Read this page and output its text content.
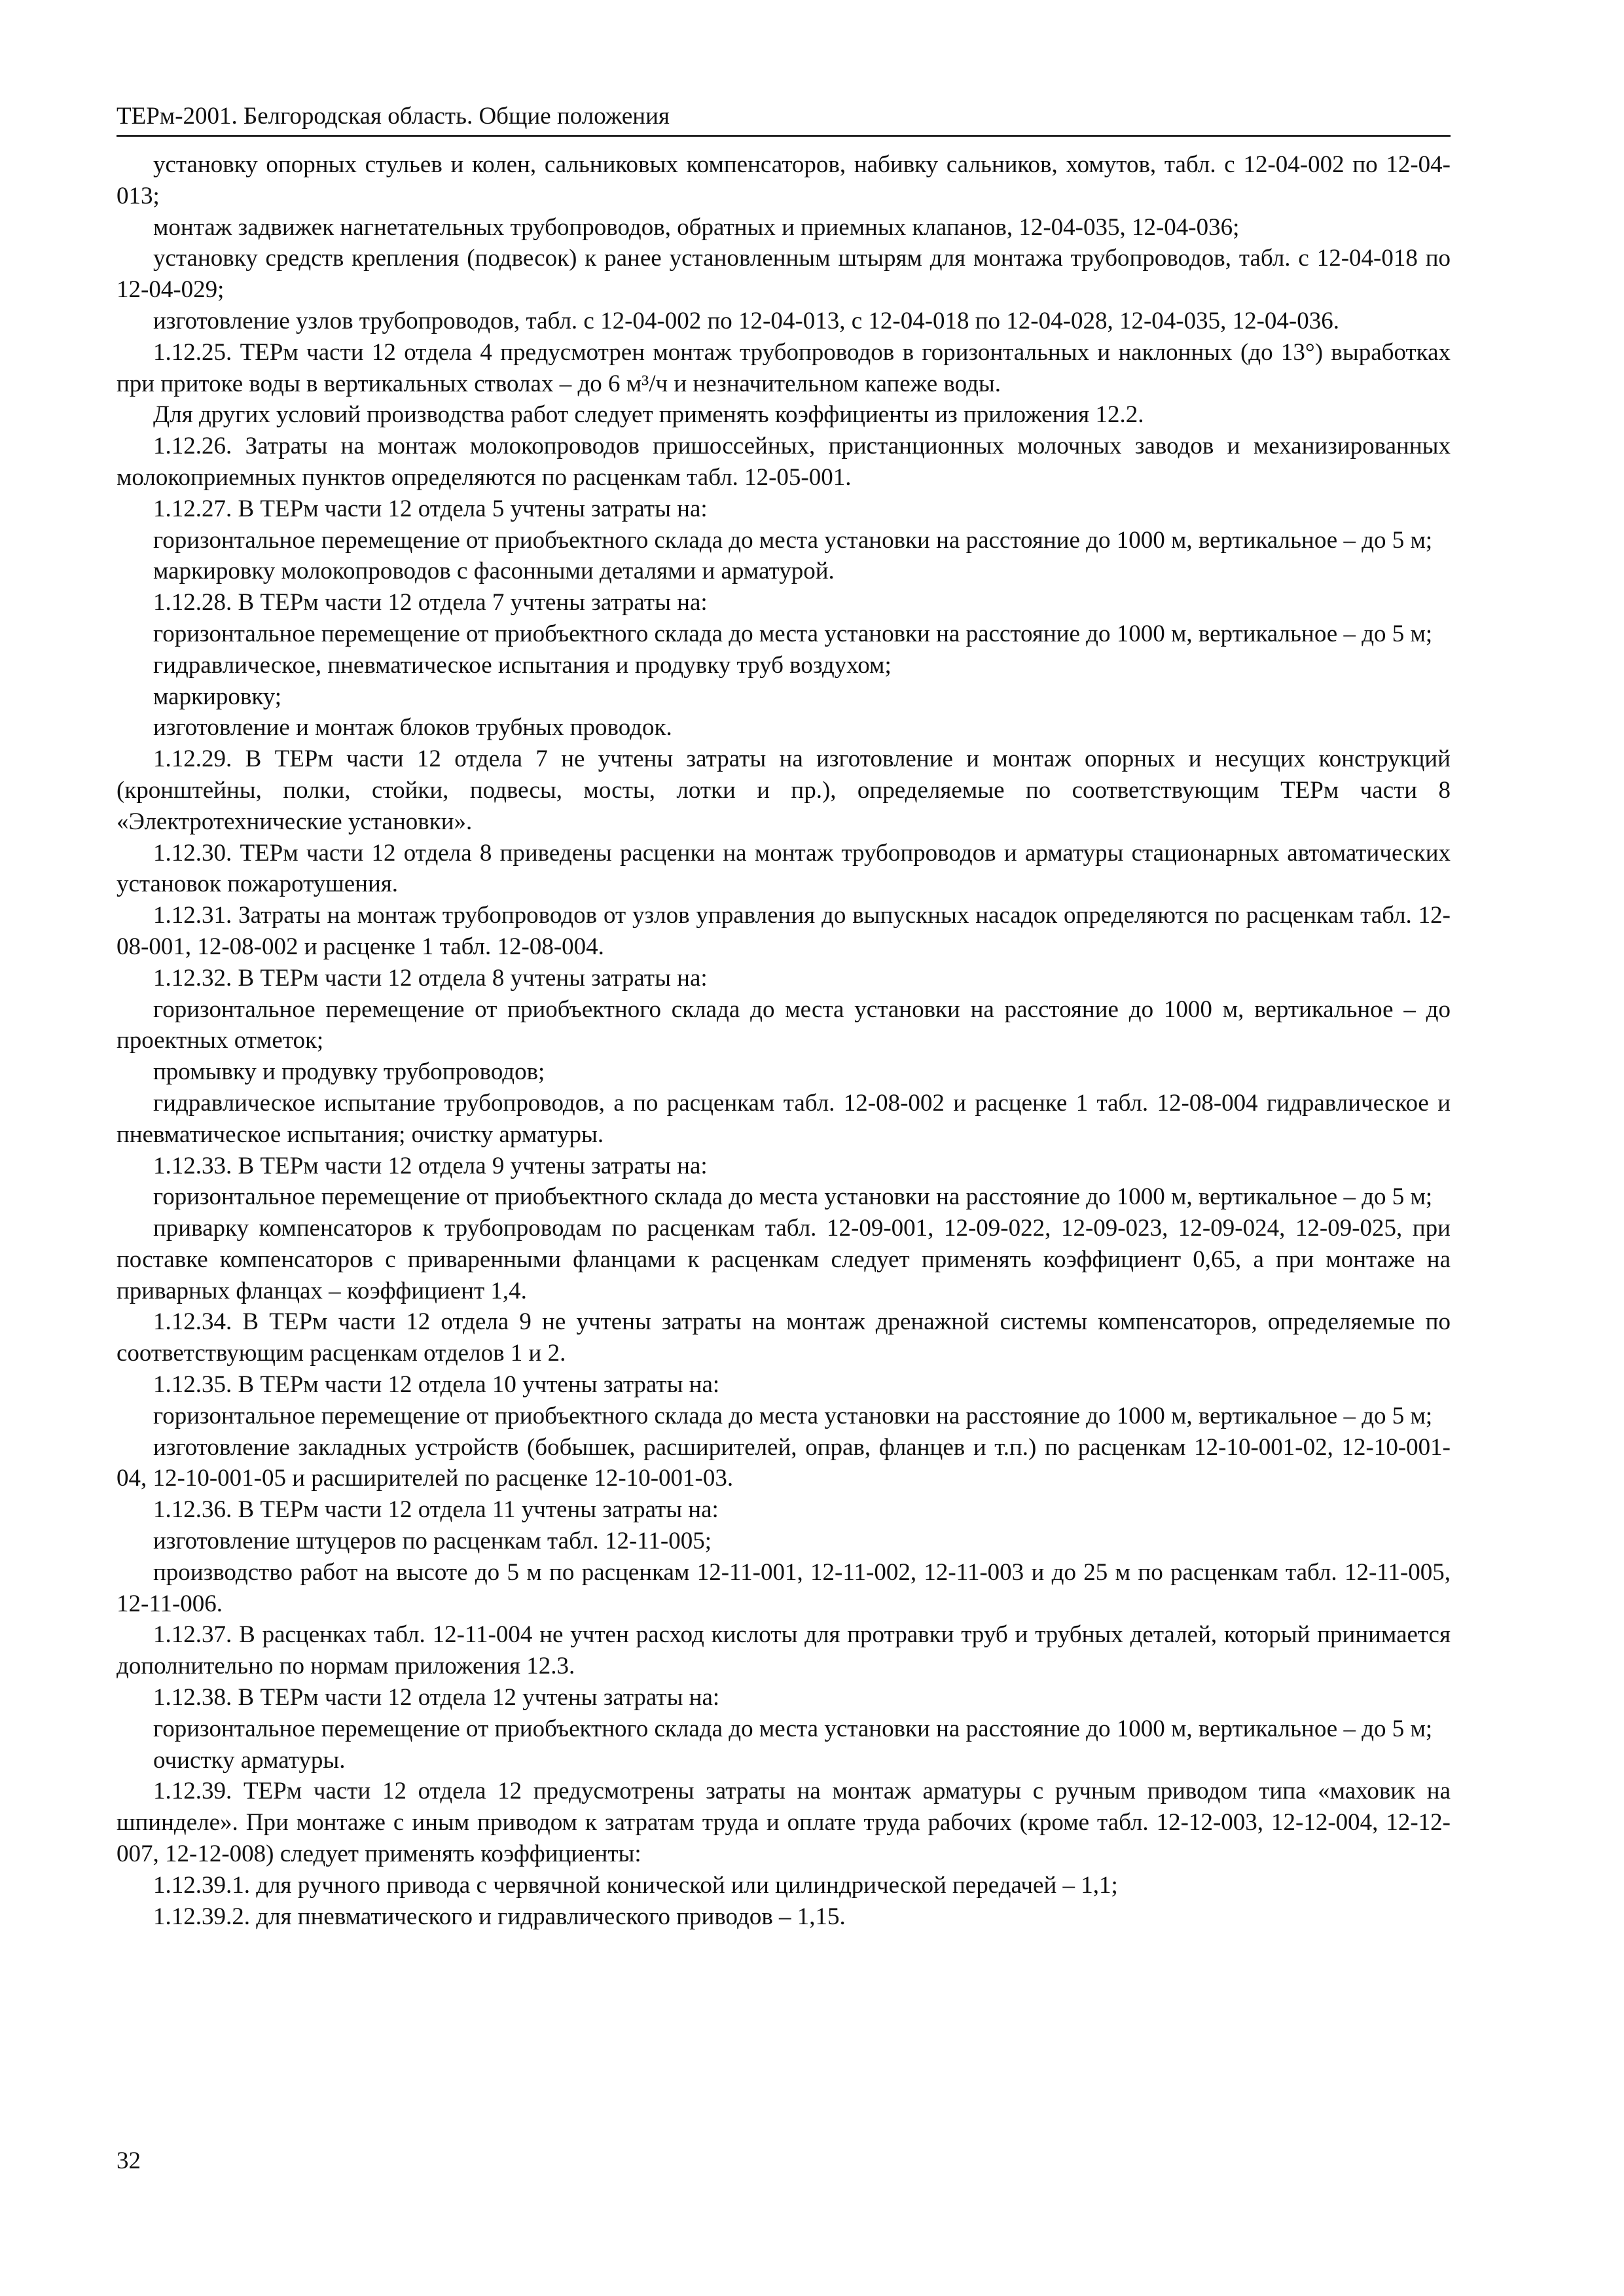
ТЕРм-2001. Белгородская область. Общие положения

установку опорных стульев и колен, сальниковых компенсаторов, набивку сальников, хомутов, табл. с 12-04-002 по 12-04-013;

монтаж задвижек нагнетательных трубопроводов, обратных и приемных клапанов, 12-04-035, 12-04-036;

установку средств крепления (подвесок) к ранее установленным штырям для монтажа трубопроводов, табл. с 12-04-018 по 12-04-029;

изготовление узлов трубопроводов, табл. с 12-04-002 по 12-04-013, с 12-04-018 по 12-04-028, 12-04-035, 12-04-036.

1.12.25. ТЕРм части 12 отдела 4 предусмотрен монтаж трубопроводов в горизонтальных и наклонных (до 13°) выработках при притоке воды в вертикальных стволах – до 6 м³/ч и незначительном капеже воды.

Для других условий производства работ следует применять коэффициенты из приложения 12.2.

1.12.26. Затраты на монтаж молокопроводов пришоссейных, пристанционных молочных заводов и механизированных молокоприемных пунктов определяются по расценкам табл. 12-05-001.

1.12.27. В ТЕРм части 12 отдела 5 учтены затраты на:

горизонтальное перемещение от приобъектного склада до места установки на расстояние до 1000 м, вертикальное – до 5 м;

маркировку молокопроводов с фасонными деталями и арматурой.

1.12.28. В ТЕРм части 12 отдела 7 учтены затраты на:

горизонтальное перемещение от приобъектного склада до места установки на расстояние до 1000 м, вертикальное – до 5 м;

гидравлическое, пневматическое испытания и продувку труб воздухом;

маркировку;

изготовление и монтаж блоков трубных проводок.

1.12.29. В ТЕРм части 12 отдела 7 не учтены затраты на изготовление и монтаж опорных и несущих конструкций (кронштейны, полки, стойки, подвесы, мосты, лотки и пр.), определяемые по соответствующим ТЕРм части 8 «Электротехнические установки».

1.12.30. ТЕРм части 12 отдела 8 приведены расценки на монтаж трубопроводов и арматуры стационарных автоматических установок пожаротушения.

1.12.31. Затраты на монтаж трубопроводов от узлов управления до выпускных насадок определяются по расценкам табл. 12-08-001, 12-08-002 и расценке 1 табл. 12-08-004.

1.12.32. В ТЕРм части 12 отдела 8 учтены затраты на:

горизонтальное перемещение от приобъектного склада до места установки на расстояние до 1000 м, вертикальное – до проектных отметок;

промывку и продувку трубопроводов;

гидравлическое испытание трубопроводов, а по расценкам табл. 12-08-002 и расценке 1 табл. 12-08-004 гидравлическое и пневматическое испытания; очистку арматуры.

1.12.33. В ТЕРм части 12 отдела 9 учтены затраты на:

горизонтальное перемещение от приобъектного склада до места установки на расстояние до 1000 м, вертикальное – до 5 м;

приварку компенсаторов к трубопроводам по расценкам табл. 12-09-001, 12-09-022, 12-09-023, 12-09-024, 12-09-025, при поставке компенсаторов с приваренными фланцами к расценкам следует применять коэффициент 0,65, а при монтаже на приварных фланцах – коэффициент 1,4.

1.12.34. В ТЕРм части 12 отдела 9 не учтены затраты на монтаж дренажной системы компенсаторов, определяемые по соответствующим расценкам отделов 1 и 2.

1.12.35. В ТЕРм части 12 отдела 10 учтены затраты на:

горизонтальное перемещение от приобъектного склада до места установки на расстояние до 1000 м, вертикальное – до 5 м;

изготовление закладных устройств (бобышек, расширителей, оправ, фланцев и т.п.) по расценкам 12-10-001-02, 12-10-001-04, 12-10-001-05 и расширителей по расценке 12-10-001-03.

1.12.36. В ТЕРм части 12 отдела 11 учтены затраты на:

изготовление штуцеров по расценкам табл. 12-11-005;

производство работ на высоте до 5 м по расценкам 12-11-001, 12-11-002, 12-11-003 и до 25 м по расценкам табл. 12-11-005, 12-11-006.

1.12.37. В расценках табл. 12-11-004 не учтен расход кислоты для протравки труб и трубных деталей, который принимается дополнительно по нормам приложения 12.3.

1.12.38. В ТЕРм части 12 отдела 12 учтены затраты на:

горизонтальное перемещение от приобъектного склада до места установки на расстояние до 1000 м, вертикальное – до 5 м;

очистку арматуры.

1.12.39. ТЕРм части 12 отдела 12 предусмотрены затраты на монтаж арматуры с ручным приводом типа «маховик на шпинделе». При монтаже с иным приводом к затратам труда и оплате труда рабочих (кроме табл. 12-12-003, 12-12-004, 12-12-007, 12-12-008) следует применять коэффициенты:

1.12.39.1. для ручного привода с червячной конической или цилиндрической передачей – 1,1;

1.12.39.2. для пневматического и гидравлического приводов – 1,15.

32
